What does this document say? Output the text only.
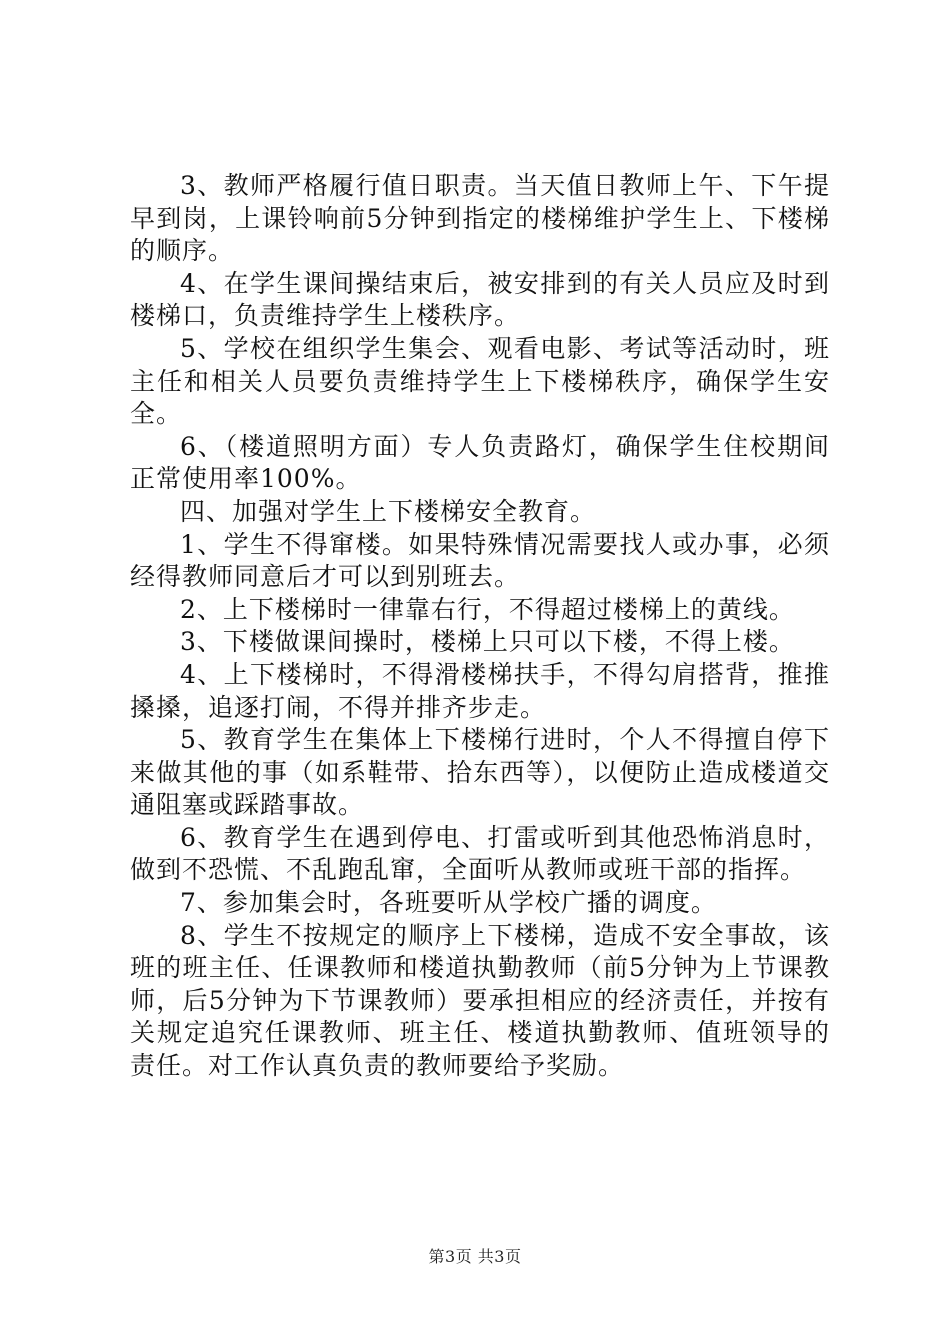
3、教师严格履行值日职责。当天值日教师上午、下午提早到岗，上课铃响前5分钟到指定的楼梯维护学生上、下楼梯的顺序。

4、在学生课间操结束后，被安排到的有关人员应及时到楼梯口，负责维持学生上楼秩序。

5、学校在组织学生集会、观看电影、考试等活动时，班主任和相关人员要负责维持学生上下楼梯秩序，确保学生安全。

6、（楼道照明方面）专人负责路灯，确保学生住校期间正常使用率100%。

四、加强对学生上下楼梯安全教育。

1、学生不得窜楼。如果特殊情况需要找人或办事，必须经得教师同意后才可以到别班去。

2、上下楼梯时一律靠右行，不得超过楼梯上的黄线。

3、下楼做课间操时，楼梯上只可以下楼，不得上楼。

4、上下楼梯时，不得滑楼梯扶手，不得勾肩搭背，推推搡搡，追逐打闹，不得并排齐步走。

5、教育学生在集体上下楼梯行进时，个人不得擅自停下来做其他的事（如系鞋带、拾东西等），以便防止造成楼道交通阻塞或踩踏事故。

6、教育学生在遇到停电、打雷或听到其他恐怖消息时，做到不恐慌、不乱跑乱窜，全面听从教师或班干部的指挥。

7、参加集会时，各班要听从学校广播的调度。

8、学生不按规定的顺序上下楼梯，造成不安全事故，该班的班主任、任课教师和楼道执勤教师（前5分钟为上节课教师，后5分钟为下节课教师）要承担相应的经济责任，并按有关规定追究任课教师、班主任、楼道执勤教师、值班领导的责任。对工作认真负责的教师要给予奖励。

第3页 共3页
